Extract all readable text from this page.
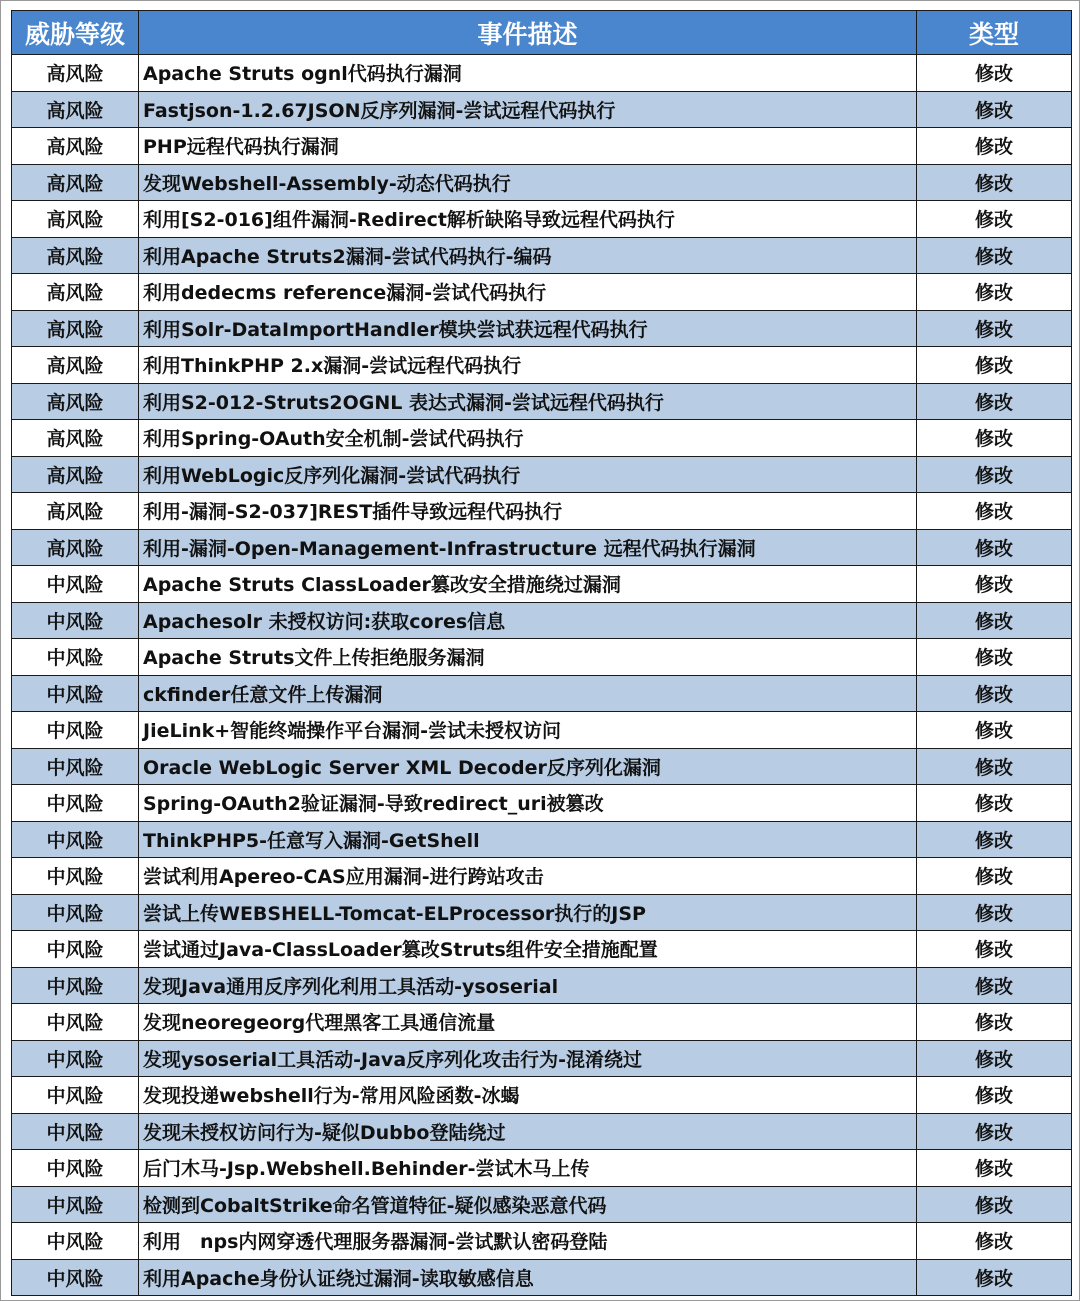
威胁等级	事件描述	类型
高风险	Apache Struts ognl代码执行漏洞	修改
高风险	Fastjson-1.2.67JSON反序列漏洞-尝试远程代码执行	修改
高风险	PHP远程代码执行漏洞	修改
高风险	发现Webshell-Assembly-动态代码执行	修改
高风险	利用[S2-016]组件漏洞-Redirect解析缺陷导致远程代码执行	修改
高风险	利用Apache Struts2漏洞-尝试代码执行-编码	修改
高风险	利用dedecms reference漏洞-尝试代码执行	修改
高风险	利用Solr-DataImportHandler模块尝试获远程代码执行	修改
高风险	利用ThinkPHP 2.x漏洞-尝试远程代码执行	修改
高风险	利用S2-012-Struts2OGNL 表达式漏洞-尝试远程代码执行	修改
高风险	利用Spring-OAuth安全机制-尝试代码执行	修改
高风险	利用WebLogic反序列化漏洞-尝试代码执行	修改
高风险	利用-漏洞-S2-037]REST插件导致远程代码执行	修改
高风险	利用-漏洞-Open-Management-Infrastructure 远程代码执行漏洞	修改
中风险	Apache Struts ClassLoader篡改安全措施绕过漏洞	修改
中风险	Apachesolr 未授权访问:获取cores信息	修改
中风险	Apache Struts文件上传拒绝服务漏洞	修改
中风险	ckfinder任意文件上传漏洞	修改
中风险	JieLink+智能终端操作平台漏洞-尝试未授权访问	修改
中风险	Oracle WebLogic Server XML Decoder反序列化漏洞	修改
中风险	Spring-OAuth2验证漏洞-导致redirect_uri被篡改	修改
中风险	ThinkPHP5-任意写入漏洞-GetShell	修改
中风险	尝试利用Apereo-CAS应用漏洞-进行跨站攻击	修改
中风险	尝试上传WEBSHELL-Tomcat-ELProcessor执行的JSP	修改
中风险	尝试通过Java-ClassLoader篡改Struts组件安全措施配置	修改
中风险	发现Java通用反序列化利用工具活动-ysoserial	修改
中风险	发现neoregeorg代理黑客工具通信流量	修改
中风险	发现ysoserial工具活动-Java反序列化攻击行为-混淆绕过	修改
中风险	发现投递webshell行为-常用风险函数-冰蝎	修改
中风险	发现未授权访问行为-疑似Dubbo登陆绕过	修改
中风险	后门木马-Jsp.Webshell.Behinder-尝试木马上传	修改
中风险	检测到CobaltStrike命名管道特征-疑似感染恶意代码	修改
中风险	利用　nps内网穿透代理服务器漏洞-尝试默认密码登陆	修改
中风险	利用Apache身份认证绕过漏洞-读取敏感信息	修改
